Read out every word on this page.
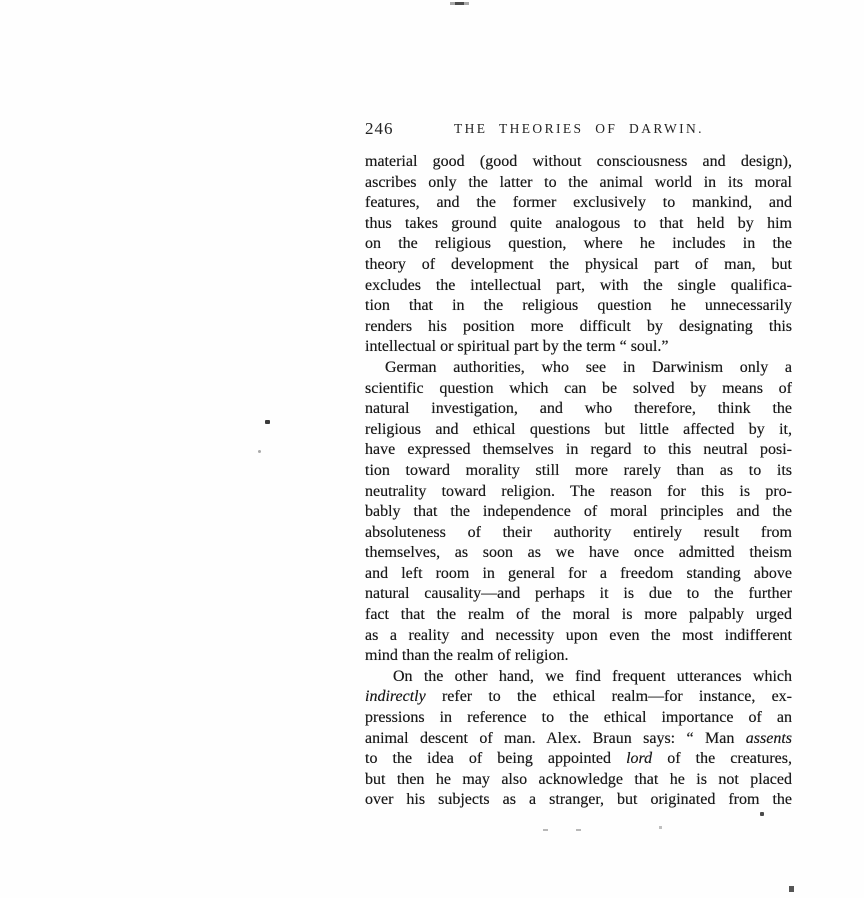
246	THE THEORIES OF DARWIN.
material good (good without consciousness and design),
ascribes only the latter to the animal world in its moral
features, and the former exclusively to mankind, and
thus takes ground quite analogous to that held by him
on the religious question, where he includes in the
theory of development the physical part of man, but
excludes the intellectual part, with the single qualifica-
tion that in the religious question he unnecessarily
renders his position more difficult by designating this
intellectual or spiritual part by the term “ soul.”
German authorities, who see in Darwinism only a
scientific question which can be solved by means of
natural investigation, and who therefore, think the
religious and ethical questions but little affected by it,
have expressed themselves in regard to this neutral posi-
tion toward morality still more rarely than as to its
neutrality toward religion. The reason for this is pro-
bably that the independence of moral principles and the
absoluteness of their authority entirely result from
themselves, as soon as we have once admitted theism
and left room in general for a freedom standing above
natural causality—and perhaps it is due to the further
fact that the realm of the moral is more palpably urged
as a reality and necessity upon even the most indifferent
mind than the realm of religion.
On the other hand, we find frequent utterances which
indirectly refer to the ethical realm—for instance, ex-
pressions in reference to the ethical importance of an
animal descent of man. Alex. Braun says: “ Man assents
to the idea of being appointed lord of the creatures,
but then he may also acknowledge that he is not placed
over his subjects as a stranger, but originated from the
